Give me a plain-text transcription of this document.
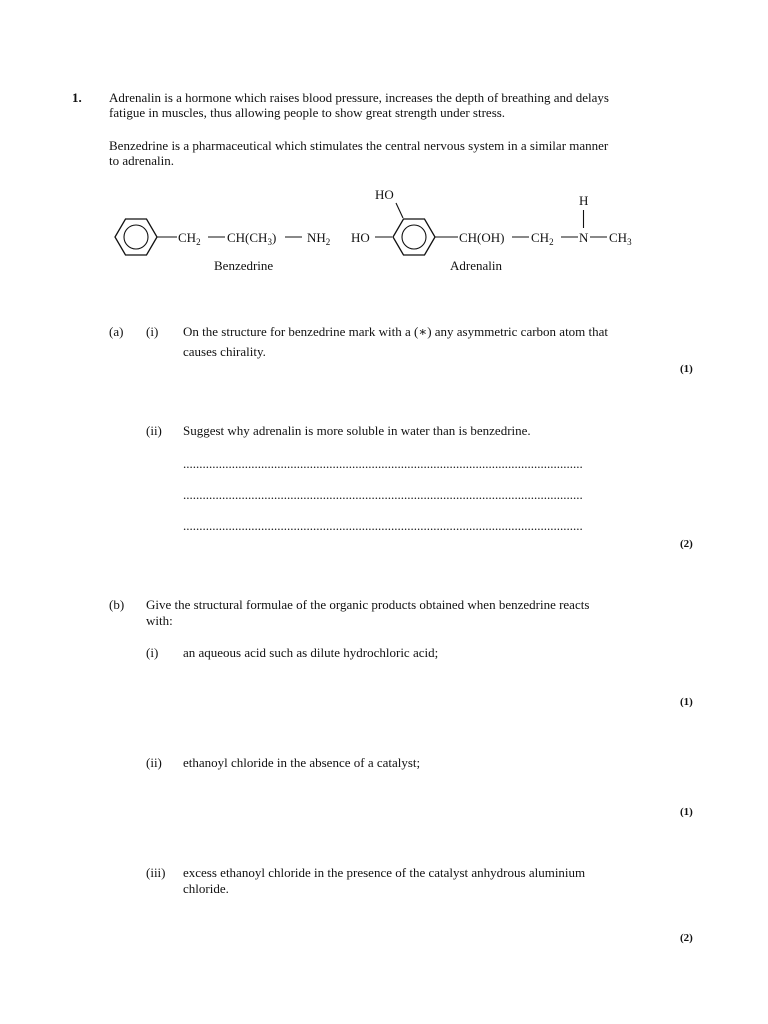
1. Adrenalin is a hormone which raises blood pressure, increases the depth of breathing and delays
fatigue in muscles, thus allowing people to show great strength under stress.
Benzedrine is a pharmaceutical which stimulates the central nervous system in a similar manner
to adrenalin.
$CH_2$ $CH(CH_3)$ $NH_2$
Benzedrine
HO
HO	CH(OH) $CH_2$ N
H
$CH_3$
Adrenalin
(a) (i) On the structure for benzedrine mark with a (∗) any asymmetric carbon atom that
causes chirality.
(1)
(ii) Suggest why adrenalin is more soluble in water than is benzedrine.
...........................................................................................................................
...........................................................................................................................
...........................................................................................................................
(2)
(b) Give the structural formulae of the organic products obtained when benzedrine reacts
with:
(i) an aqueous acid such as dilute hydrochloric acid;
(1)
(ii) ethanoyl chloride in the absence of a catalyst;
(1)
(iii) excess ethanoyl chloride in the presence of the catalyst anhydrous aluminium
chloride.
(2)
